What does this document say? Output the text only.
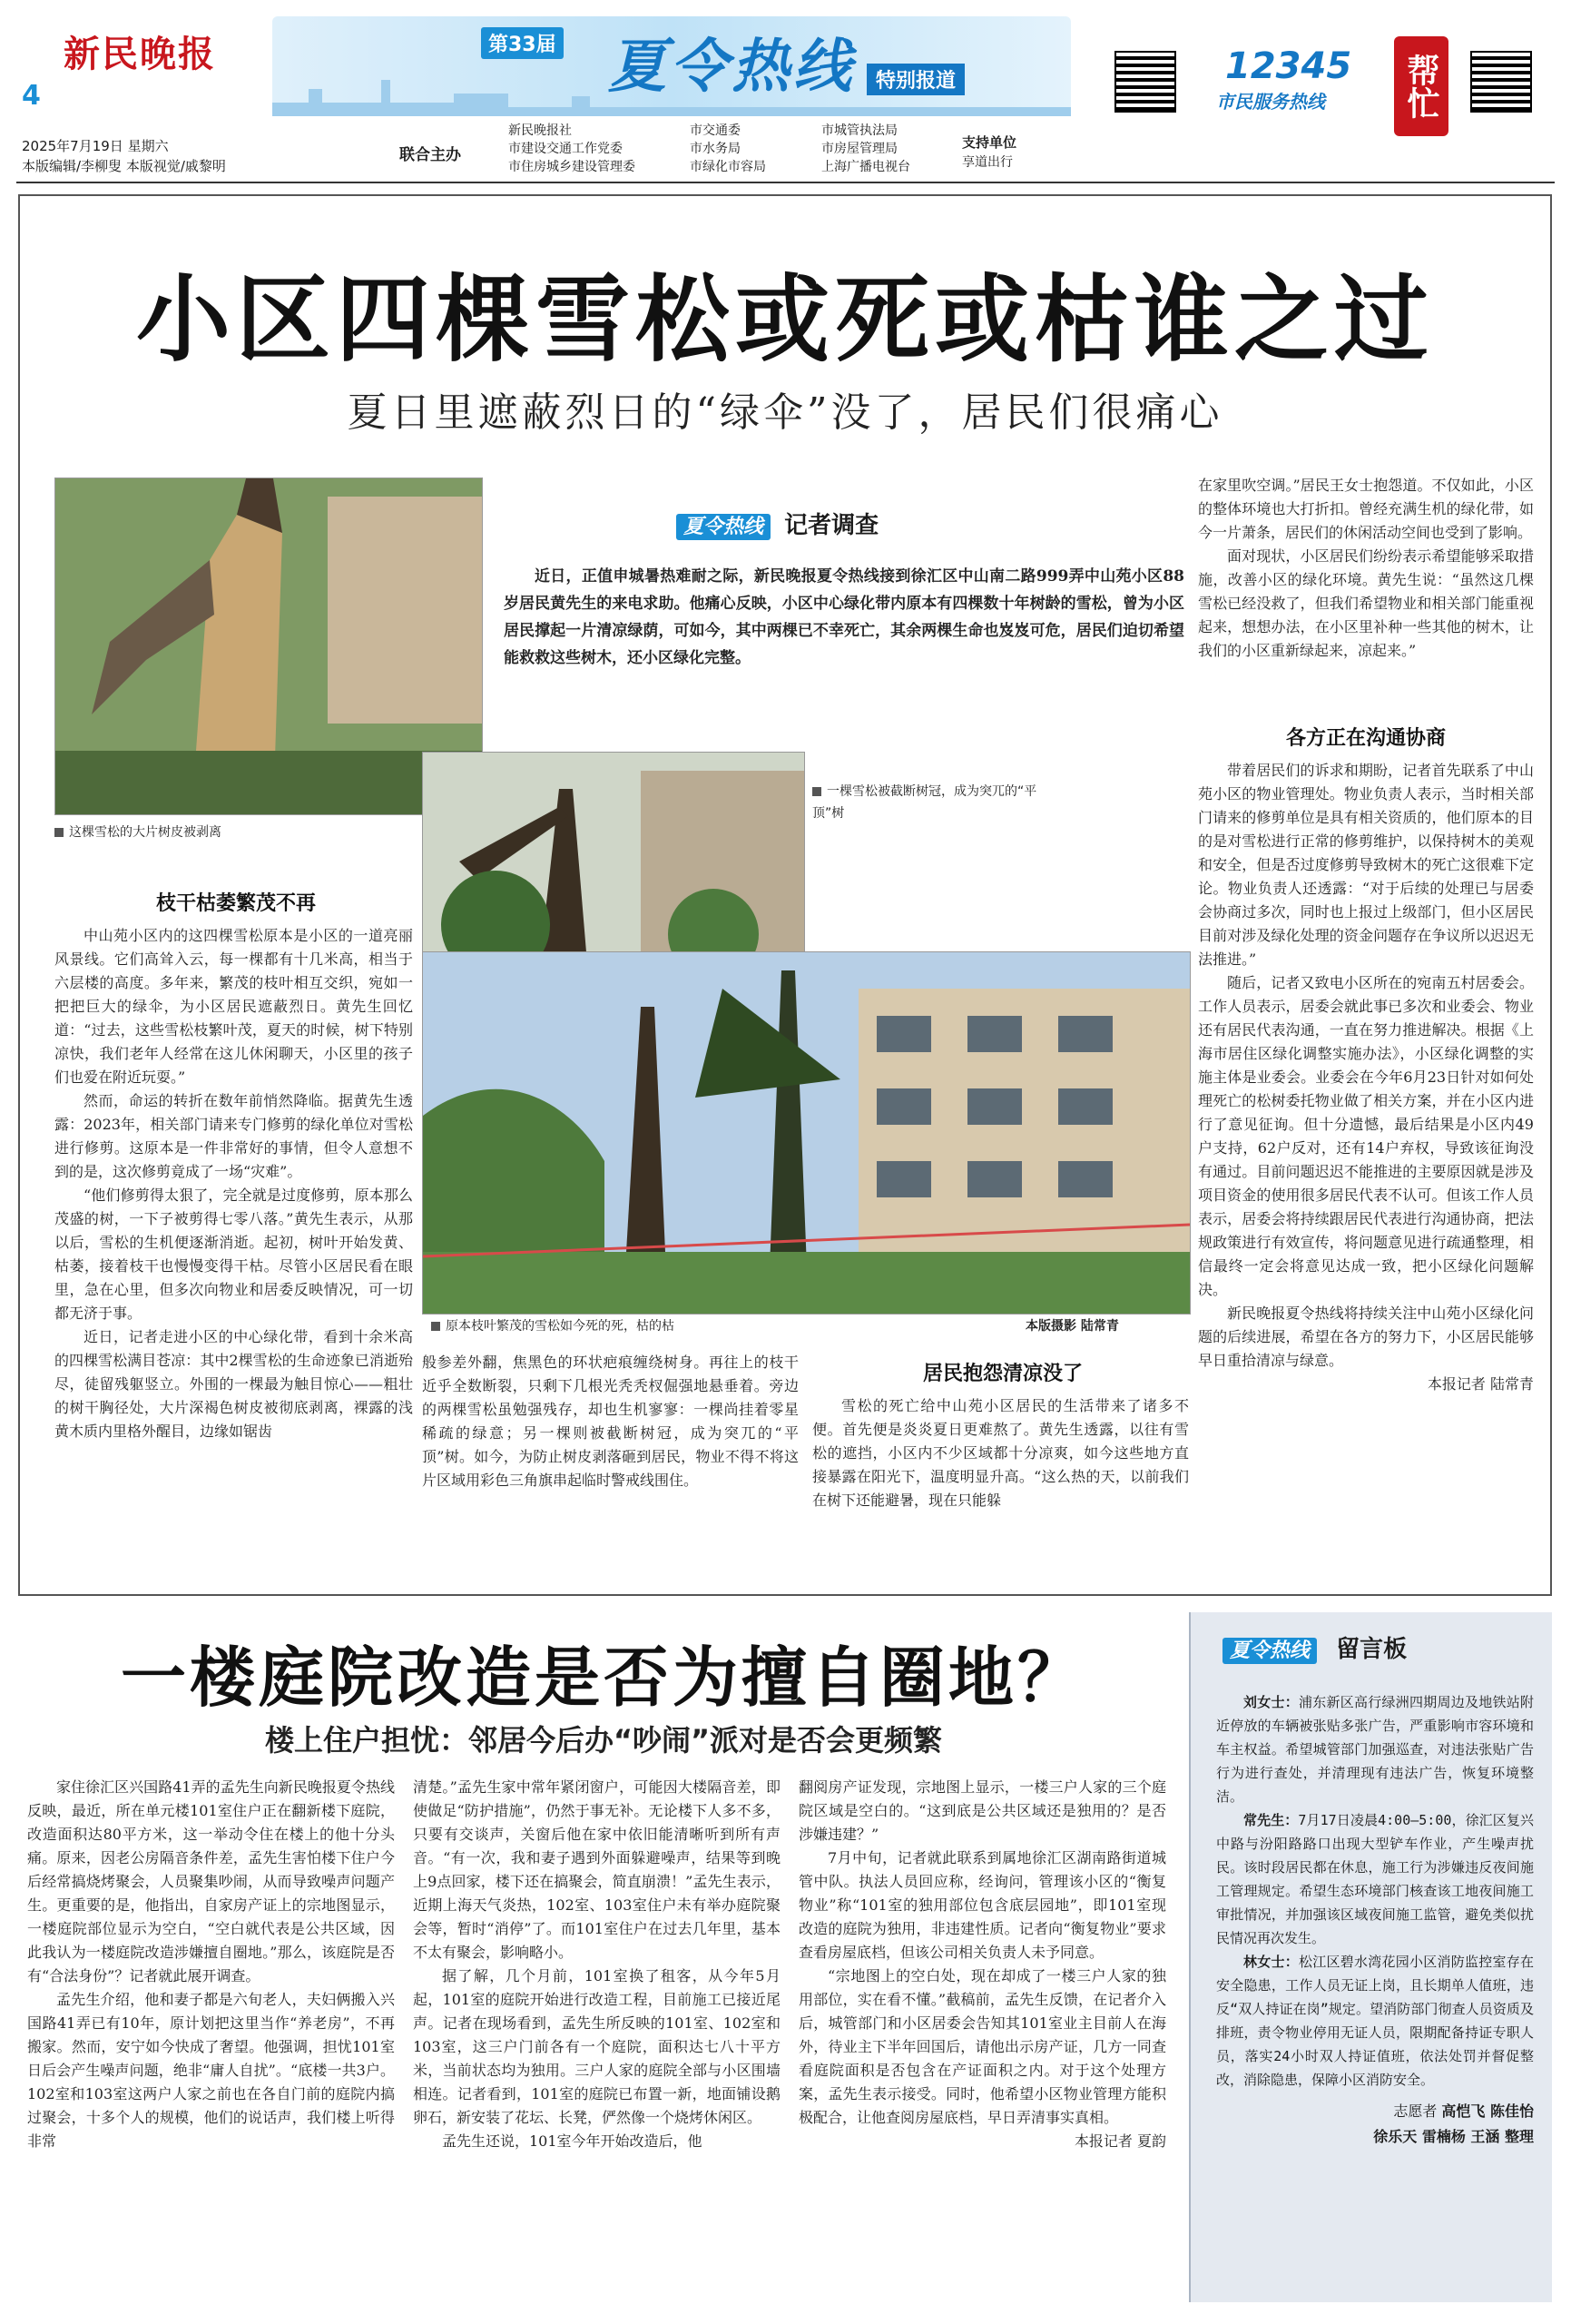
新民晚报
4
第33届 夏令热线	特别报道	12345
市民服务热线 帮忙
2025年7月19日 星期六
本版编辑/李柳叟 本版视觉/戚黎明
联合主办
新民晚报社
市建设交通工作党委
市住房城乡建设管理委
市交通委
市水务局
市绿化市容局
市城管执法局
市房屋管理局
上海广播电视台
支持单位
享道出行
小区四棵雪松或死或枯谁之过
夏日里遮蔽烈日的“绿伞”没了，居民们很痛心
这棵雪松的大片树皮被剥离
夏令热线 记者调查

近日，正值申城暑热难耐之际，新民晚报夏令热线接到徐汇区中山南二路999弄中山苑小区88岁居民黄先生的来电求助。他痛心反映，小区中心绿化带内原本有四棵数十年树龄的雪松，曾为小区居民撑起一片清凉绿荫，可如今，其中两棵已不幸死亡，其余两棵生命也岌岌可危，居民们迫切希望能救救这些树木，还小区绿化完整。

一棵雪松被截断树冠，成为突兀的“平顶”树
原本枝叶繁茂的雪松如今死的死，枯的枯	本版摄影 陆常青
枝干枯萎繁茂不再

中山苑小区内的这四棵雪松原本是小区的一道亮丽风景线。它们高耸入云，每一棵都有十几米高，相当于六层楼的高度。多年来，繁茂的枝叶相互交织，宛如一把把巨大的绿伞，为小区居民遮蔽烈日。黄先生回忆道：“过去，这些雪松枝繁叶茂，夏天的时候，树下特别凉快，我们老年人经常在这儿休闲聊天，小区里的孩子们也爱在附近玩耍。”

然而，命运的转折在数年前悄然降临。据黄先生透露：2023年，相关部门请来专门修剪的绿化单位对雪松进行修剪。这原本是一件非常好的事情，但令人意想不到的是，这次修剪竟成了一场“灾难”。

“他们修剪得太狠了，完全就是过度修剪，原本那么茂盛的树，一下子被剪得七零八落。”黄先生表示，从那以后，雪松的生机便逐渐消逝。起初，树叶开始发黄、枯萎，接着枝干也慢慢变得干枯。尽管小区居民看在眼里，急在心里，但多次向物业和居委反映情况，可一切都无济于事。

近日，记者走进小区的中心绿化带，看到十余米高的四棵雪松满目苍凉：其中2棵雪松的生命迹象已消逝殆尽，徒留残躯竖立。外围的一棵最为触目惊心——粗壮的树干胸径处，大片深褐色树皮被彻底剥离，裸露的浅黄木质内里格外醒目，边缘如锯齿

般参差外翻，焦黑色的环状疤痕缠绕树身。再往上的枝干近乎全数断裂，只剩下几根光秃秃杈倔强地悬垂着。旁边的两棵雪松虽勉强残存，却也生机寥寥：一棵尚挂着零星稀疏的绿意；另一棵则被截断树冠，成为突兀的“平顶”树。如今，为防止树皮剥落砸到居民，物业不得不将这片区域用彩色三角旗串起临时警戒线围住。

居民抱怨清凉没了

雪松的死亡给中山苑小区居民的生活带来了诸多不便。首先便是炎炎夏日更难熬了。黄先生透露，以往有雪松的遮挡，小区内不少区域都十分凉爽，如今这些地方直接暴露在阳光下，温度明显升高。“这么热的天，以前我们在树下还能避暑，现在只能躲

在家里吹空调。”居民王女士抱怨道。不仅如此，小区的整体环境也大打折扣。曾经充满生机的绿化带，如今一片萧条，居民们的休闲活动空间也受到了影响。

面对现状，小区居民们纷纷表示希望能够采取措施，改善小区的绿化环境。黄先生说：“虽然这几棵雪松已经没救了，但我们希望物业和相关部门能重视起来，想想办法，在小区里补种一些其他的树木，让我们的小区重新绿起来，凉起来。”

各方正在沟通协商

带着居民们的诉求和期盼，记者首先联系了中山苑小区的物业管理处。物业负责人表示，当时相关部门请来的修剪单位是具有相关资质的，他们原本的目的是对雪松进行正常的修剪维护，以保持树木的美观和安全，但是否过度修剪导致树木的死亡这很难下定论。物业负责人还透露：“对于后续的处理已与居委会协商过多次，同时也上报过上级部门，但小区居民目前对涉及绿化处理的资金问题存在争议所以迟迟无法推进。”

随后，记者又致电小区所在的宛南五村居委会。工作人员表示，居委会就此事已多次和业委会、物业还有居民代表沟通，一直在努力推进解决。根据《上海市居住区绿化调整实施办法》，小区绿化调整的实施主体是业委会。业委会在今年6月23日针对如何处理死亡的松树委托物业做了相关方案，并在小区内进行了意见征询。但十分遗憾，最后结果是小区内49户支持，62户反对，还有14户弃权，导致该征询没有通过。目前问题迟迟不能推进的主要原因就是涉及项目资金的使用很多居民代表不认可。但该工作人员表示，居委会将持续跟居民代表进行沟通协商，把法规政策进行有效宣传，将问题意见进行疏通整理，相信最终一定会将意见达成一致，把小区绿化问题解决。

新民晚报夏令热线将持续关注中山苑小区绿化问题的后续进展，希望在各方的努力下，小区居民能够早日重拾清凉与绿意。

本报记者 陆常青
一楼庭院改造是否为擅自圈地？
楼上住户担忧：邻居今后办“吵闹”派对是否会更频繁

家住徐汇区兴国路41弄的孟先生向新民晚报夏令热线反映，最近，所在单元楼101室住户正在翻新楼下庭院，改造面积达80平方米，这一举动令住在楼上的他十分头痛。原来，因老公房隔音条件差，孟先生害怕楼下住户今后经常搞烧烤聚会，人员聚集吵闹，从而导致噪声问题产生。更重要的是，他指出，自家房产证上的宗地图显示，一楼庭院部位显示为空白，“空白就代表是公共区域，因此我认为一楼庭院改造涉嫌擅自圈地。”那么，该庭院是否有“合法身份”？记者就此展开调查。

孟先生介绍，他和妻子都是六旬老人，夫妇俩搬入兴国路41弄已有10年，原计划把这里当作“养老房”，不再搬家。然而，安宁如今快成了奢望。他强调，担忧101室日后会产生噪声问题，绝非“庸人自扰”。“底楼一共3户。102室和103室这两户人家之前也在各自门前的庭院内搞过聚会，十多个人的规模，他们的说话声，我们楼上听得非常

清楚。”孟先生家中常年紧闭窗户，可能因大楼隔音差，即使做足“防护措施”，仍然于事无补。无论楼下人多不多，只要有交谈声，关窗后他在家中依旧能清晰听到所有声音。“有一次，我和妻子遇到外面躲避噪声，结果等到晚上9点回家，楼下还在搞聚会，简直崩溃！”孟先生表示，近期上海天气炎热，102室、103室住户未有举办庭院聚会等，暂时“消停”了。而101室住户在过去几年里，基本不太有聚会，影响略小。

据了解，几个月前，101室换了租客，从今年5月起，101室的庭院开始进行改造工程，目前施工已接近尾声。记者在现场看到，孟先生所反映的101室、102室和103室，这三户门前各有一个庭院，面积达七八十平方米，当前状态均为独用。三户人家的庭院全部与小区围墙相连。记者看到，101室的庭院已布置一新，地面铺设鹅卵石，新安装了花坛、长凳，俨然像一个烧烤休闲区。

孟先生还说，101室今年开始改造后，他

翻阅房产证发现，宗地图上显示，一楼三户人家的三个庭院区域是空白的。“这到底是公共区域还是独用的？是否涉嫌违建？”

7月中旬，记者就此联系到属地徐汇区湖南路街道城管中队。执法人员回应称，经询问，管理该小区的“衡复物业”称“101室的独用部位包含底层园地”，即101室现改造的庭院为独用，非违建性质。记者向“衡复物业”要求查看房屋底档，但该公司相关负责人未予同意。

“宗地图上的空白处，现在却成了一楼三户人家的独用部位，实在看不懂。”截稿前，孟先生反馈，在记者介入后，城管部门和小区居委会告知其101室业主目前人在海外，待业主下半年回国后，请他出示房产证，几方一同查看庭院面积是否包含在产证面积之内。对于这个处理方案，孟先生表示接受。同时，他希望小区物业管理方能积极配合，让他查阅房屋底档，早日弄清事实真相。

本报记者 夏韵
夏令热线 留言板
刘女士：浦东新区高行绿洲四期周边及地铁站附近停放的车辆被张贴多张广告，严重影响市容环境和车主权益。希望城管部门加强巡查，对违法张贴广告行为进行查处，并清理现有违法广告，恢复环境整洁。
常先生：7月17日凌晨4:00—5:00，徐汇区复兴中路与汾阳路路口出现大型铲车作业，产生噪声扰民。该时段居民都在休息，施工行为涉嫌违反夜间施工管理规定。希望生态环境部门核查该工地夜间施工审批情况，并加强该区域夜间施工监管，避免类似扰民情况再次发生。
林女士：松江区碧水湾花园小区消防监控室存在安全隐患，工作人员无证上岗，且长期单人值班，违反“双人持证在岗”规定。望消防部门彻查人员资质及排班，责令物业停用无证人员，限期配备持证专职人员，落实24小时双人持证值班，依法处罚并督促整改，消除隐患，保障小区消防安全。
志愿者 高恺飞 陈佳怡
徐乐天 雷楠杨 王涵 整理
